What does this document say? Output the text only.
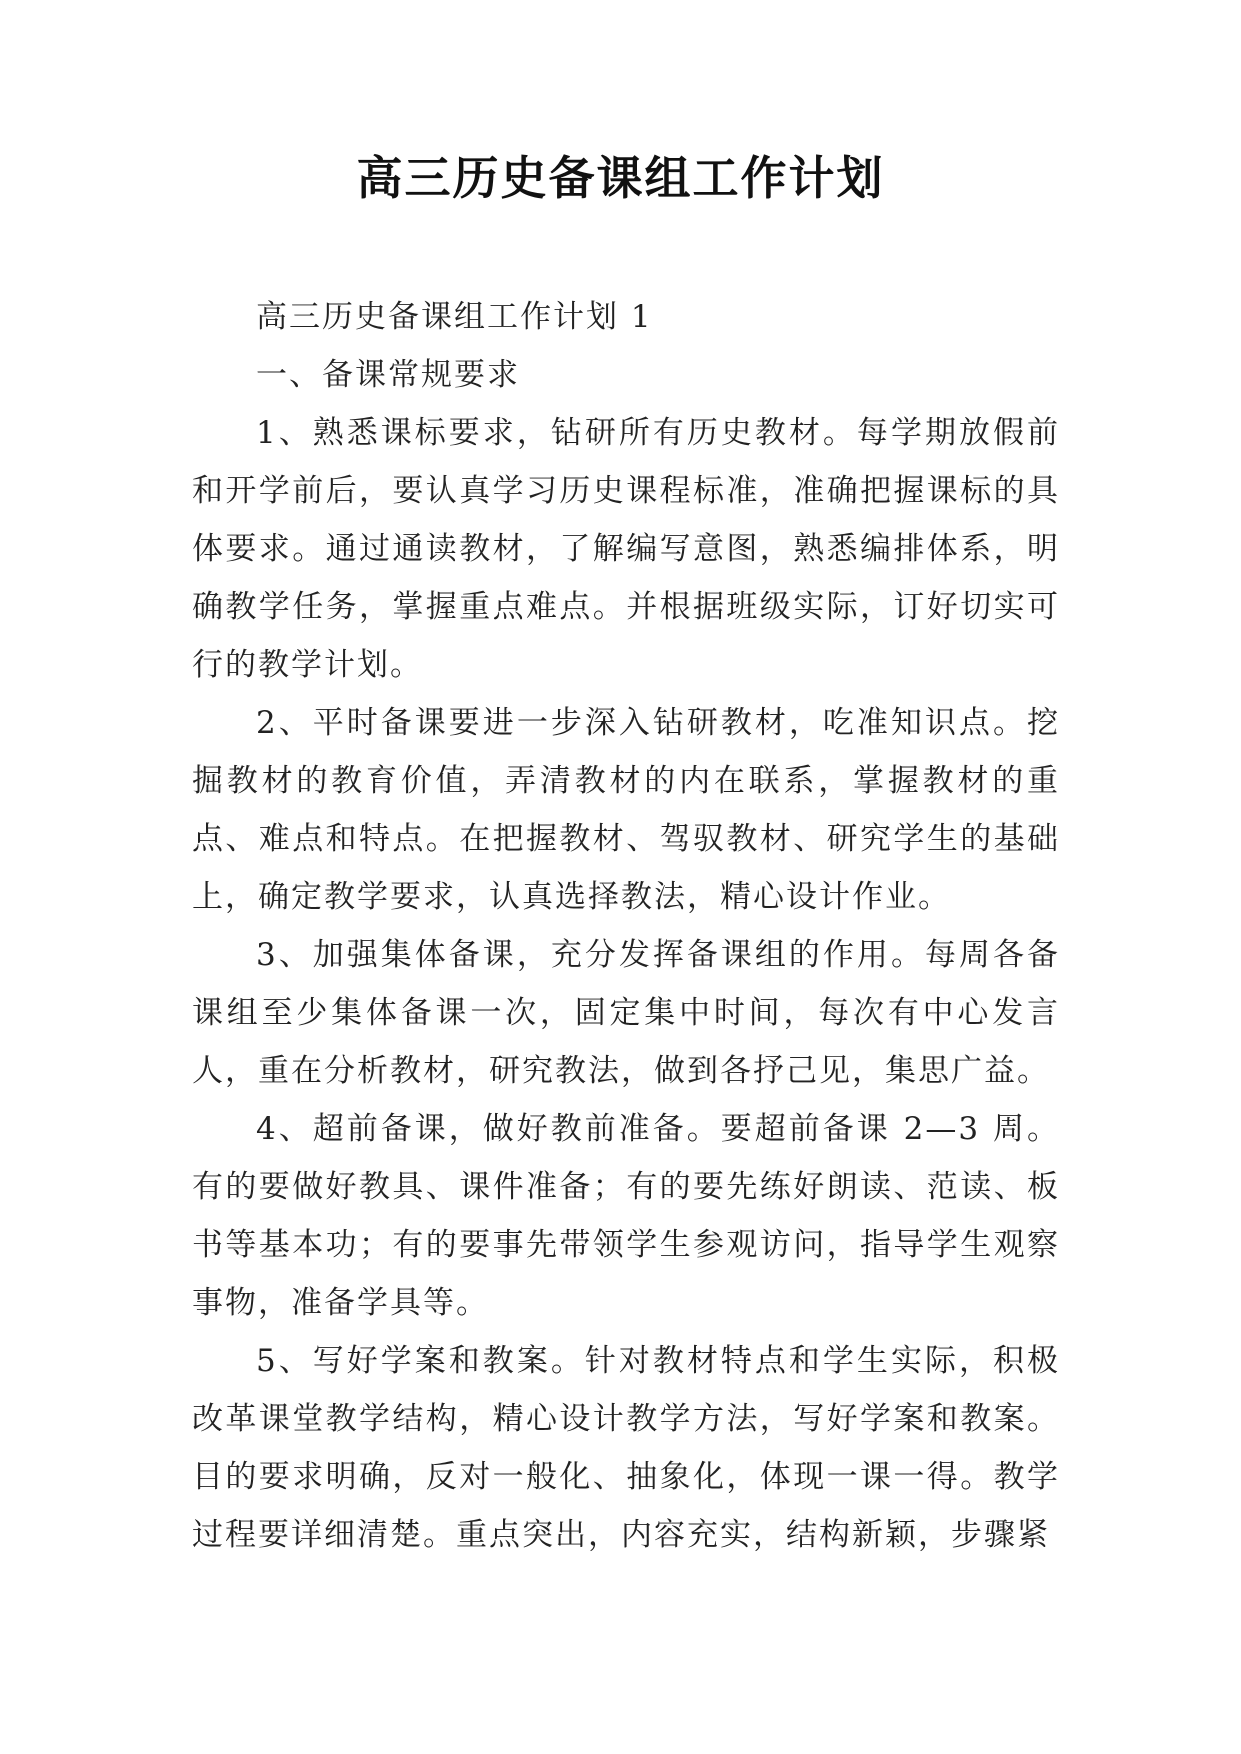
高三历史备课组工作计划

高三历史备课组工作计划 1

一、备课常规要求

1、熟悉课标要求，钻研所有历史教材。每学期放假前和开学前后，要认真学习历史课程标准，准确把握课标的具体要求。通过通读教材，了解编写意图，熟悉编排体系，明确教学任务，掌握重点难点。并根据班级实际，订好切实可行的教学计划。

2、平时备课要进一步深入钻研教材，吃准知识点。挖掘教材的教育价值，弄清教材的内在联系，掌握教材的重点、难点和特点。在把握教材、驾驭教材、研究学生的基础上，确定教学要求，认真选择教法，精心设计作业。

3、加强集体备课，充分发挥备课组的作用。每周各备课组至少集体备课一次，固定集中时间，每次有中心发言人，重在分析教材，研究教法，做到各抒己见，集思广益。

4、超前备课，做好教前准备。要超前备课 2—3 周。有的要做好教具、课件准备；有的要先练好朗读、范读、板书等基本功；有的要事先带领学生参观访问，指导学生观察事物，准备学具等。

5、写好学案和教案。针对教材特点和学生实际，积极改革课堂教学结构，精心设计教学方法，写好学案和教案。目的要求明确，反对一般化、抽象化，体现一课一得。教学过程要详细清楚。重点突出，内容充实，结构新颖，步骤紧
